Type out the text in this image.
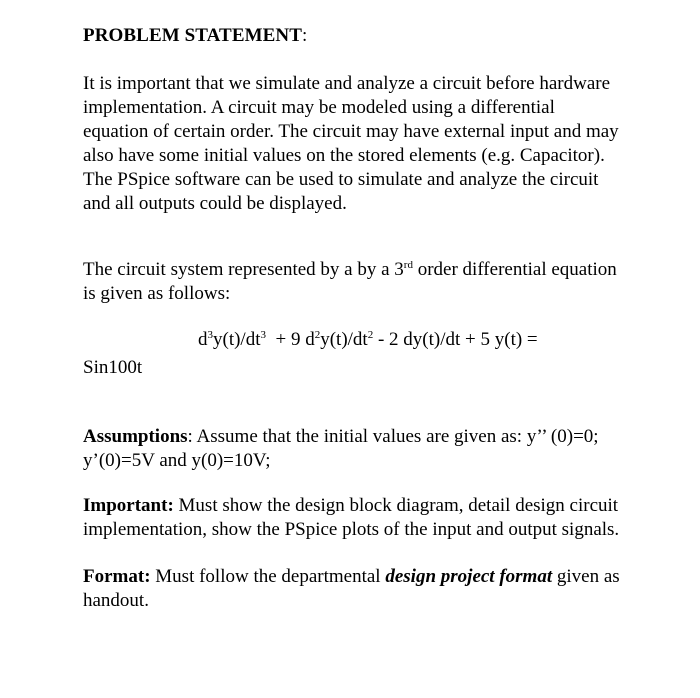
PROBLEM STATEMENT:

It is important that we simulate and analyze a circuit before hardware implementation. A circuit may be modeled using a differential equation of certain order. The circuit may have external input and may also have some initial values on the stored elements (e.g. Capacitor). The PSpice software can be used to simulate and analyze the circuit and all outputs could be displayed.

The circuit system represented by a by a 3rd order differential equation is given as follows:

$d^3y(t)/dt^3 + 9$ $d^2y(t)/dt^2 - 2$ dy(t)/dt + 5 y(t) =

Sin100t

Assumptions: Assume that the initial values are given as: y’’ (0)=0; y’(0)=5V and y(0)=10V;

Important: Must show the design block diagram, detail design circuit implementation, show the PSpice plots of the input and output signals.

Format: Must follow the departmental design project format given as handout.
